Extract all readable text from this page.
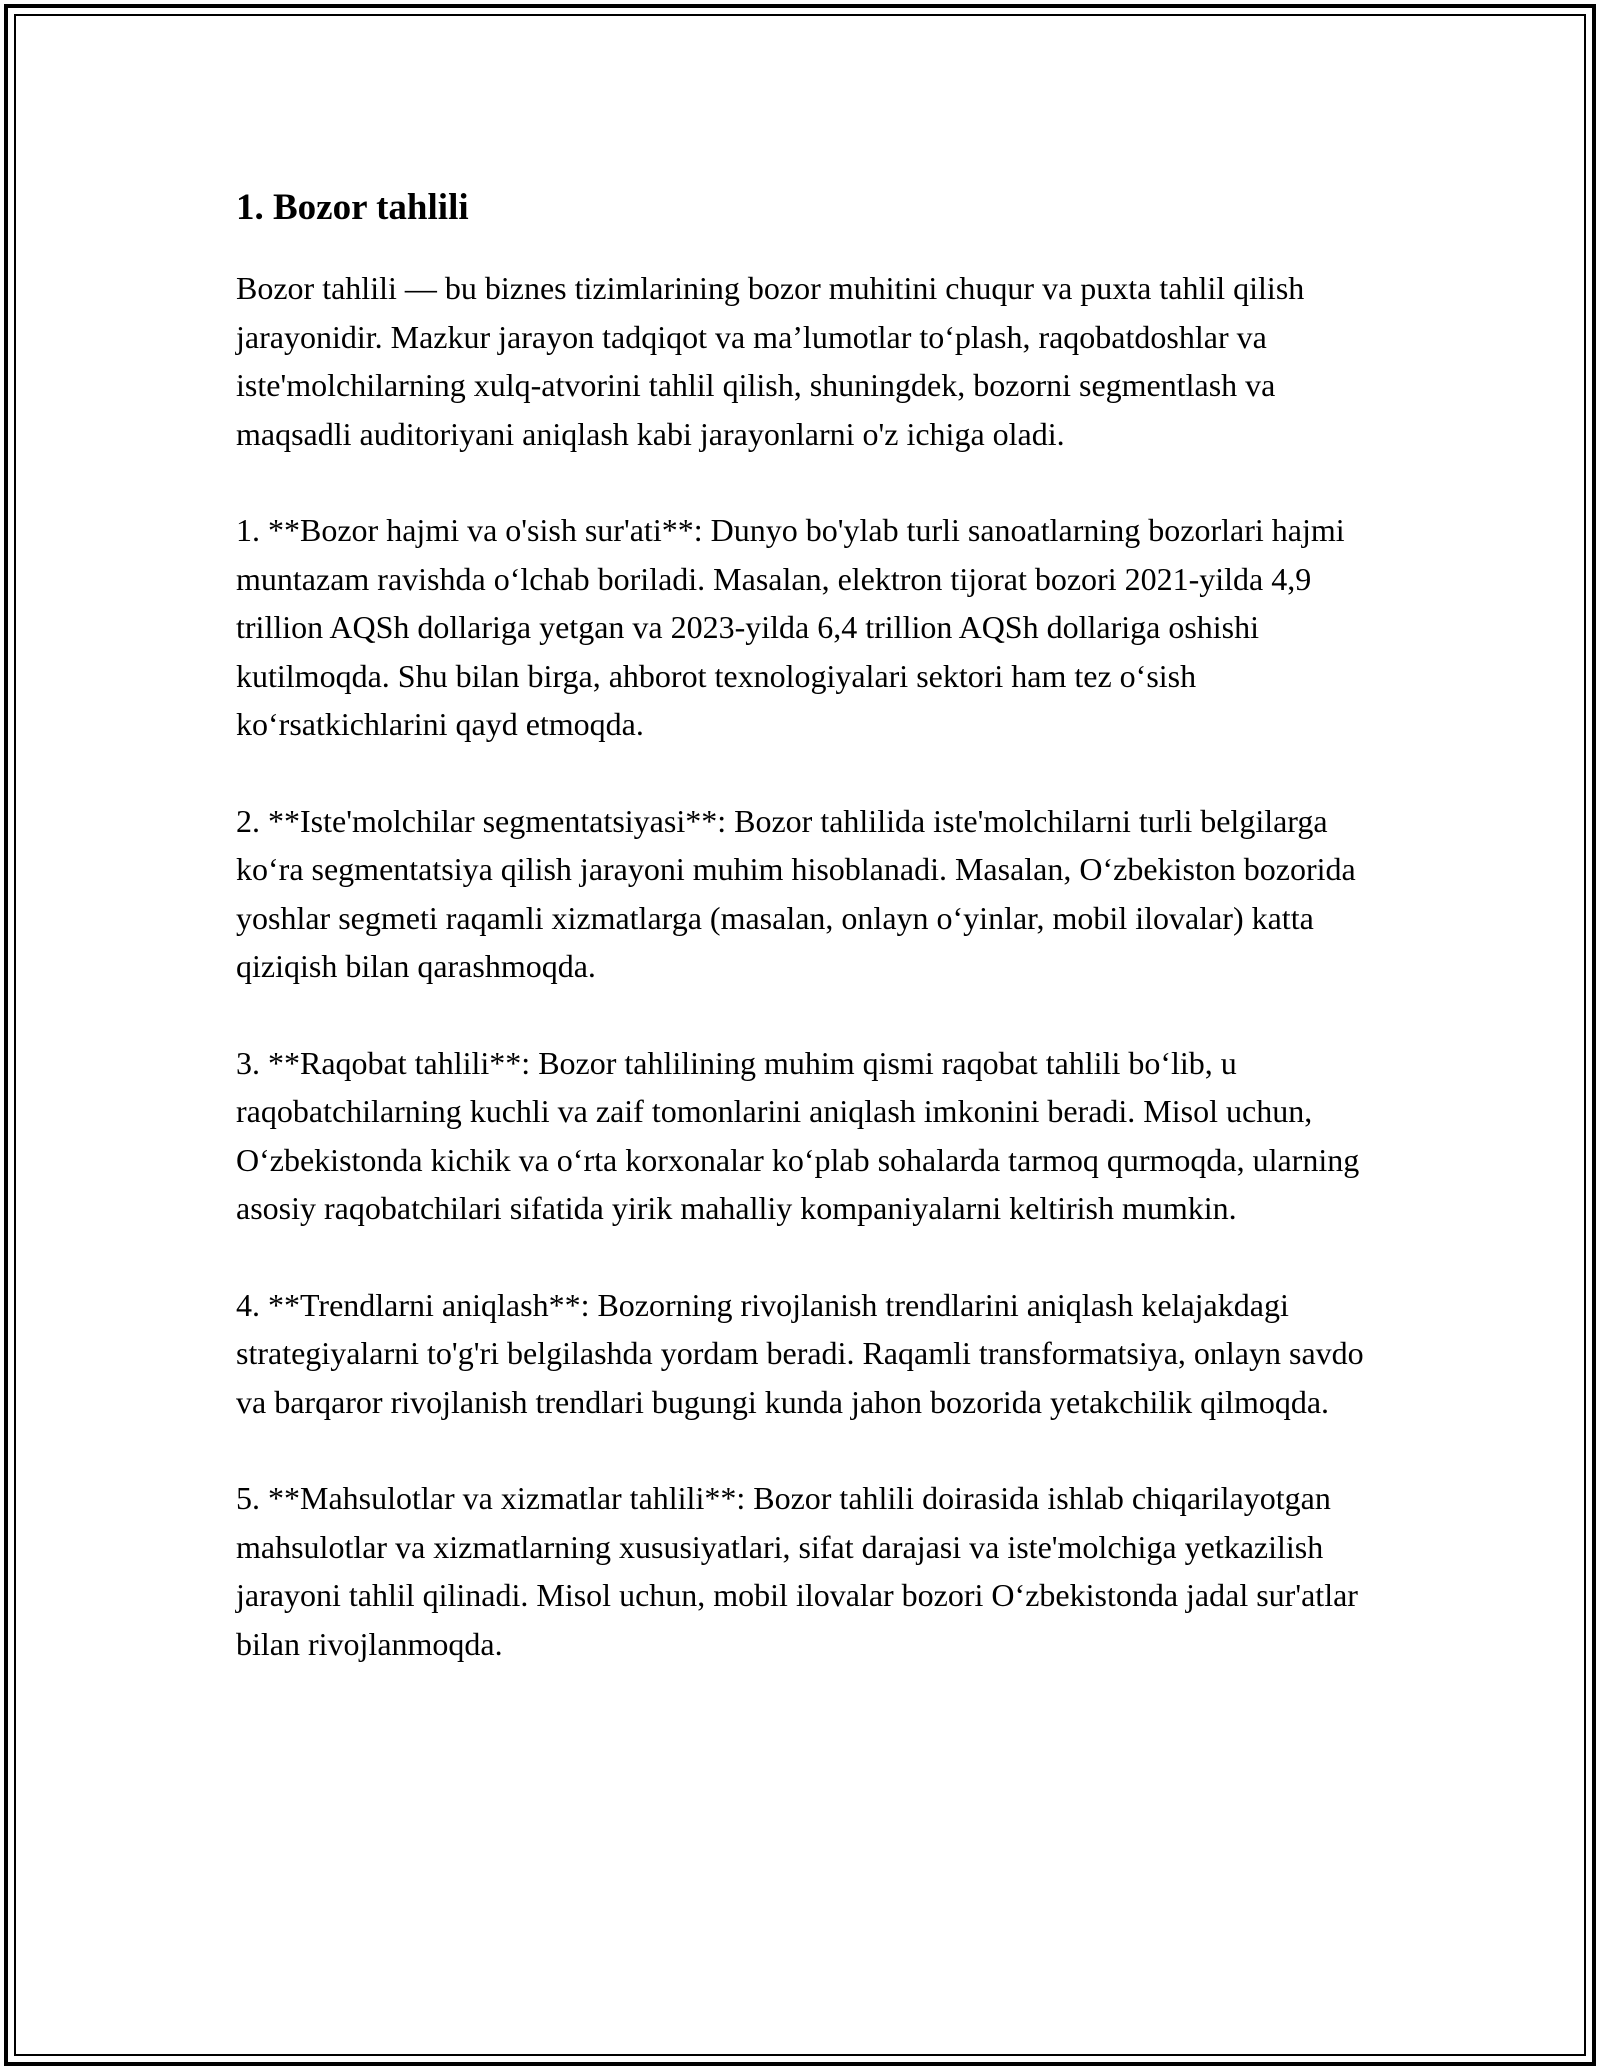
1. Bozor tahlili

Bozor tahlili — bu biznes tizimlarining bozor muhitini chuqur va puxta tahlil qilish jarayonidir. Mazkur jarayon tadqiqot va ma’lumotlar to‘plash, raqobatdoshlar va iste'molchilarning xulq-atvorini tahlil qilish, shuningdek, bozorni segmentlash va maqsadli auditoriyani aniqlash kabi jarayonlarni o'z ichiga oladi.

1. **Bozor hajmi va o'sish sur'ati**: Dunyo bo'ylab turli sanoatlarning bozorlari hajmi muntazam ravishda o‘lchab boriladi. Masalan, elektron tijorat bozori 2021-yilda 4,9 trillion AQSh dollariga yetgan va 2023-yilda 6,4 trillion AQSh dollariga oshishi kutilmoqda. Shu bilan birga, ahborot texnologiyalari sektori ham tez o‘sish ko‘rsatkichlarini qayd etmoqda.

2. **Iste'molchilar segmentatsiyasi**: Bozor tahlilida iste'molchilarni turli belgilarga ko‘ra segmentatsiya qilish jarayoni muhim hisoblanadi. Masalan, O‘zbekiston bozorida yoshlar segmeti raqamli xizmatlarga (masalan, onlayn o‘yinlar, mobil ilovalar) katta qiziqish bilan qarashmoqda.

3. **Raqobat tahlili**: Bozor tahlilining muhim qismi raqobat tahlili bo‘lib, u raqobatchilarning kuchli va zaif tomonlarini aniqlash imkonini beradi. Misol uchun, O‘zbekistonda kichik va o‘rta korxonalar ko‘plab sohalarda tarmoq qurmoqda, ularning asosiy raqobatchilari sifatida yirik mahalliy kompaniyalarni keltirish mumkin.

4. **Trendlarni aniqlash**: Bozorning rivojlanish trendlarini aniqlash kelajakdagi strategiyalarni to'g'ri belgilashda yordam beradi. Raqamli transformatsiya, onlayn savdo va barqaror rivojlanish trendlari bugungi kunda jahon bozorida yetakchilik qilmoqda.

5. **Mahsulotlar va xizmatlar tahlili**: Bozor tahlili doirasida ishlab chiqarilayotgan mahsulotlar va xizmatlarning xususiyatlari, sifat darajasi va iste'molchiga yetkazilish jarayoni tahlil qilinadi. Misol uchun, mobil ilovalar bozori O‘zbekistonda jadal sur'atlar bilan rivojlanmoqda.
